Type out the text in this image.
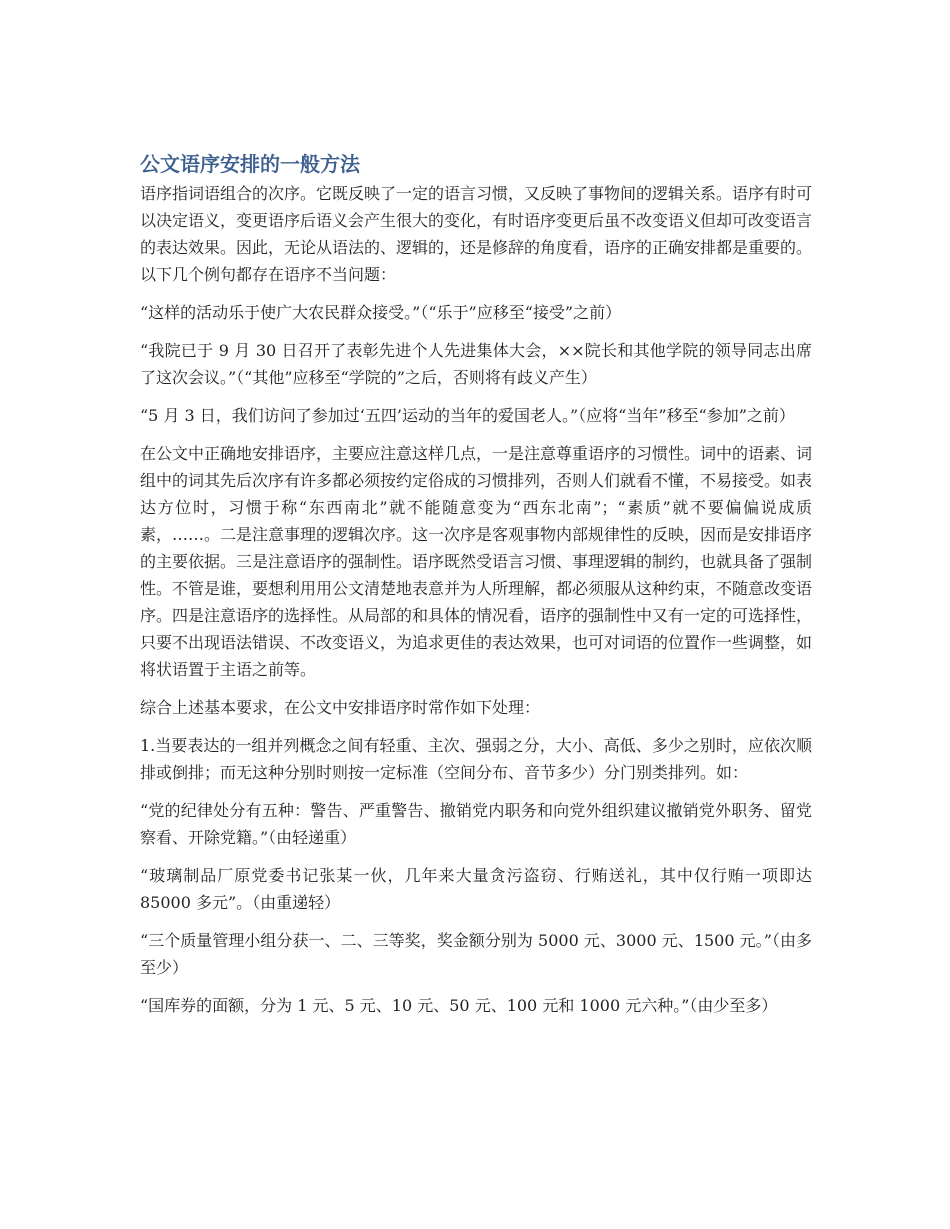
公文语序安排的一般方法

语序指词语组合的次序。它既反映了一定的语言习惯，又反映了事物间的逻辑关系。语序有时可以决定语义，变更语序后语义会产生很大的变化，有时语序变更后虽不改变语义但却可改变语言的表达效果。因此，无论从语法的、逻辑的，还是修辞的角度看，语序的正确安排都是重要的。以下几个例句都存在语序不当问题：

“这样的活动乐于使广大农民群众接受。”（“乐于”应移至“接受”之前）

“我院已于 9 月 30 日召开了表彰先进个人先进集体大会，××院长和其他学院的领导同志出席了这次会议。”（“其他”应移至“学院的”之后，否则将有歧义产生）

“5 月 3 日，我们访问了参加过‘五四’运动的当年的爱国老人。”（应将“当年”移至“参加”之前）

在公文中正确地安排语序，主要应注意这样几点，一是注意尊重语序的习惯性。词中的语素、词组中的词其先后次序有许多都必须按约定俗成的习惯排列，否则人们就看不懂，不易接受。如表达方位时，习惯于称“东西南北”就不能随意变为“西东北南”；“素质”就不要偏偏说成质素，……。二是注意事理的逻辑次序。这一次序是客观事物内部规律性的反映，因而是安排语序的主要依据。三是注意语序的强制性。语序既然受语言习惯、事理逻辑的制约，也就具备了强制性。不管是谁，要想利用用公文清楚地表意并为人所理解，都必须服从这种约束，不随意改变语序。四是注意语序的选择性。从局部的和具体的情况看，语序的强制性中又有一定的可选择性，只要不出现语法错误、不改变语义，为追求更佳的表达效果，也可对词语的位置作一些调整，如将状语置于主语之前等。

综合上述基本要求，在公文中安排语序时常作如下处理：

1.当要表达的一组并列概念之间有轻重、主次、强弱之分，大小、高低、多少之别时，应依次顺排或倒排；而无这种分别时则按一定标准（空间分布、音节多少）分门别类排列。如：

“党的纪律处分有五种：警告、严重警告、撤销党内职务和向党外组织建议撤销党外职务、留党察看、开除党籍。”（由轻递重）

“玻璃制品厂原党委书记张某一伙，几年来大量贪污盗窃、行贿送礼，其中仅行贿一项即达 85000 多元”。（由重递轻）

“三个质量管理小组分获一、二、三等奖，奖金额分别为 5000 元、3000 元、1500 元。”（由多至少）

“国库券的面额，分为 1 元、5 元、10 元、50 元、100 元和 1000 元六种。”（由少至多）
